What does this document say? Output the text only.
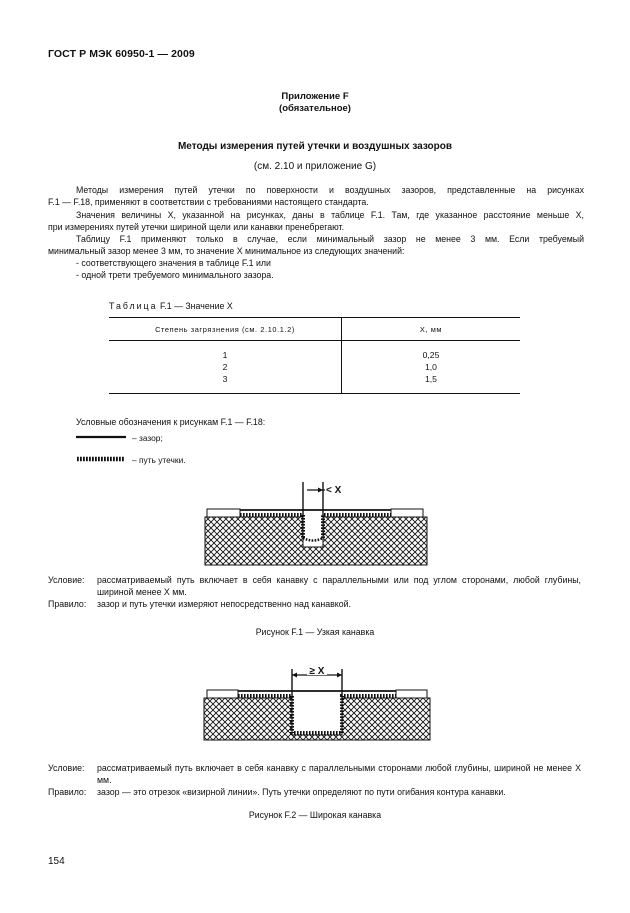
ГОСТ Р МЭК 60950-1 — 2009
Приложение F
(обязательное)
Методы измерения путей утечки и воздушных зазоров
(см. 2.10 и приложение G)
Методы измерения путей утечки по поверхности и воздушных зазоров, представленные на рисунках
F.1 — F.18, применяют в соответствии с требованиями настоящего стандарта.
Значения величины X, указанной на рисунках, даны в таблице F.1. Там, где указанное расстояние меньше X,
при измерениях путей утечки шириной щели или канавки пренебрегают.
Таблицу F.1 применяют только в случае, если минимальный зазор не менее 3 мм. Если требуемый
минимальный зазор менее 3 мм, то значение X минимальное из следующих значений:
- соответствующего значения в таблице F.1 или
- одной трети требуемого минимального зазора.
Таблица F.1 — Значение X
Степень загрязнения (см. 2.10.1.2)	X, мм

1	0,25
2	1,0
3	1,5

Условные обозначения к рисункам F.1 — F.18:
– зазор;
– путь утечки.
< X
Условие: рассматриваемый путь включает в себя канавку с параллельными или под углом сторонами, любой глубины, шириной менее X мм.
Правило: зазор и путь утечки измеряют непосредственно над канавкой.
Рисунок F.1 — Узкая канавка
≥ X
Условие: рассматриваемый путь включает в себя канавку с параллельными сторонами любой глубины, шириной не менее X мм.
Правило: зазор — это отрезок «визирной линии». Путь утечки определяют по пути огибания контура канавки.
Рисунок F.2 — Широкая канавка
154
